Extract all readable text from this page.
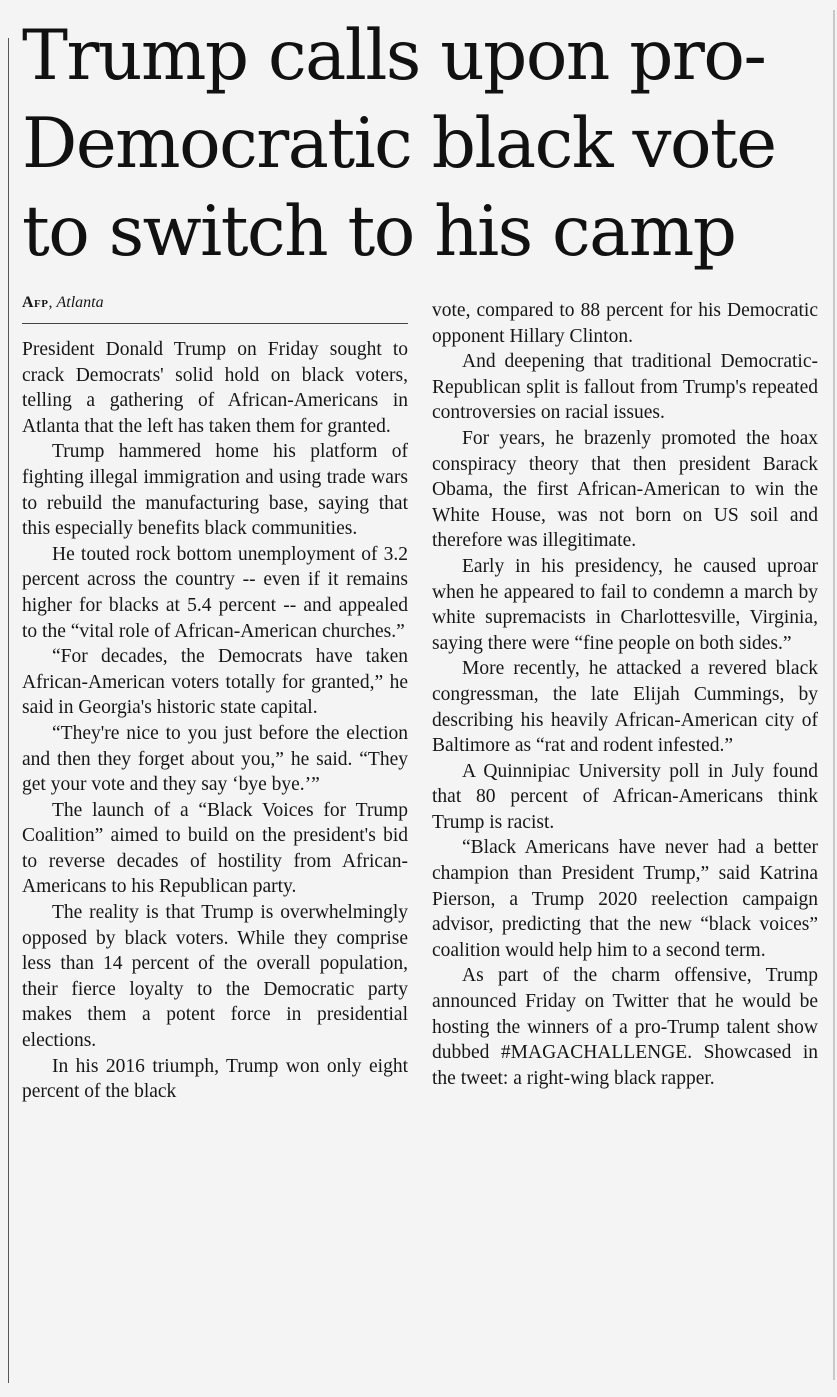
Trump calls upon pro-Democratic black vote to switch to his camp
Afp, Atlanta

President Donald Trump on Friday sought to crack Democrats' solid hold on black voters, telling a gathering of African-Americans in Atlanta that the left has taken them for granted.

Trump hammered home his platform of fighting illegal immigration and using trade wars to rebuild the manufacturing base, saying that this especially benefits black communities.

He touted rock bottom unemployment of 3.2 percent across the country -- even if it remains higher for blacks at 5.4 percent -- and appealed to the “vital role of African-American churches.”

“For decades, the Democrats have taken African-American voters totally for granted,” he said in Georgia's historic state capital.

“They're nice to you just before the election and then they forget about you,” he said. “They get your vote and they say ‘bye bye.’”

The launch of a “Black Voices for Trump Coalition” aimed to build on the president's bid to reverse decades of hostility from African-Americans to his Republican party.

The reality is that Trump is overwhelmingly opposed by black voters. While they comprise less than 14 percent of the overall population, their fierce loyalty to the Democratic party makes them a potent force in presidential elections.

In his 2016 triumph, Trump won only eight percent of the black

vote, compared to 88 percent for his Democratic opponent Hillary Clinton.

And deepening that traditional Democratic-Republican split is fallout from Trump's repeated controversies on racial issues.

For years, he brazenly promoted the hoax conspiracy theory that then president Barack Obama, the first African-American to win the White House, was not born on US soil and therefore was illegitimate.

Early in his presidency, he caused uproar when he appeared to fail to condemn a march by white supremacists in Charlottesville, Virginia, saying there were “fine people on both sides.”

More recently, he attacked a revered black congressman, the late Elijah Cummings, by describing his heavily African-American city of Baltimore as “rat and rodent infested.”

A Quinnipiac University poll in July found that 80 percent of African-Americans think Trump is racist.

“Black Americans have never had a better champion than President Trump,” said Katrina Pierson, a Trump 2020 reelection campaign advisor, predicting that the new “black voices” coalition would help him to a second term.

As part of the charm offensive, Trump announced Friday on Twitter that he would be hosting the winners of a pro-Trump talent show dubbed #MAGACHALLENGE. Showcased in the tweet: a right-wing black rapper.
